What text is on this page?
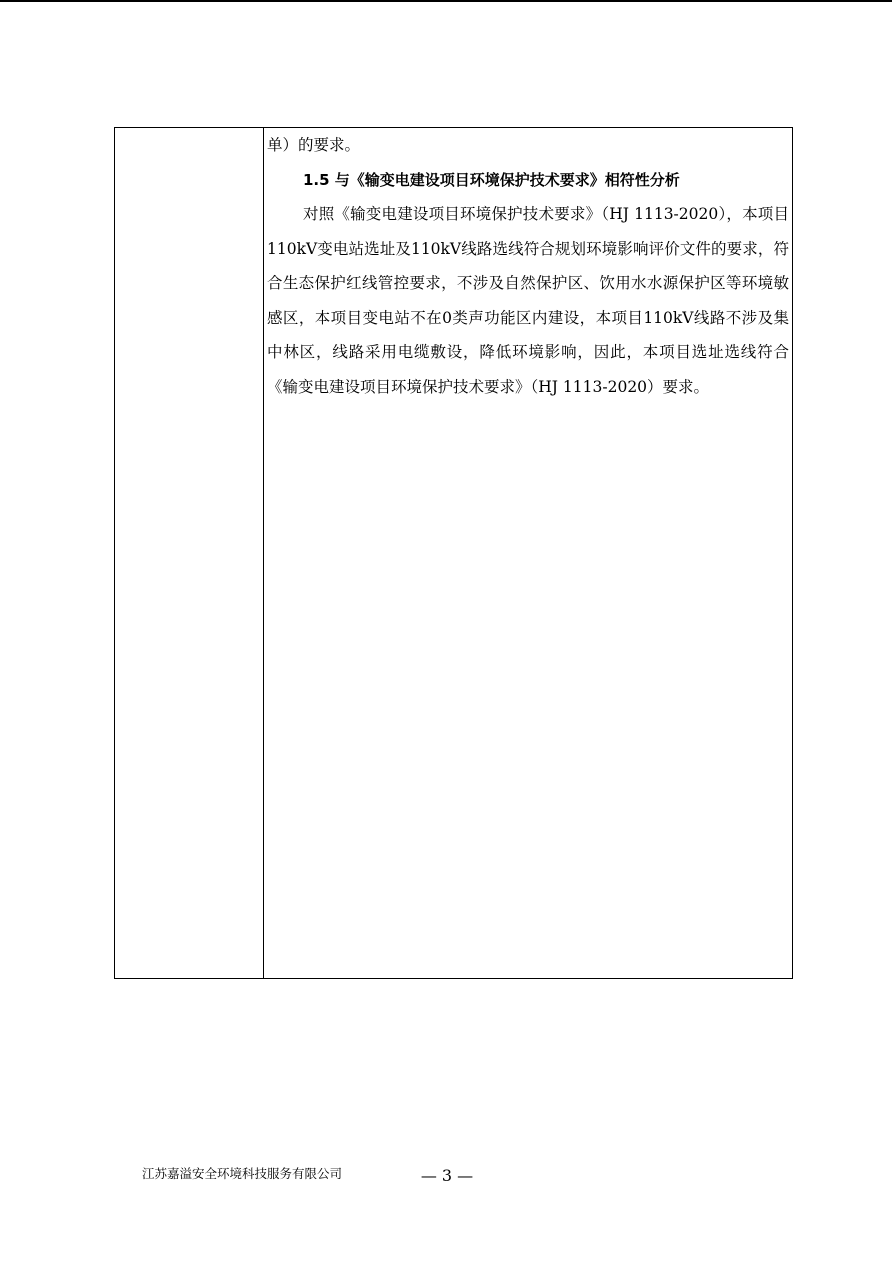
单）的要求。

1.5 与《输变电建设项目环境保护技术要求》相符性分析

对照《输变电建设项目环境保护技术要求》（HJ 1113-2020），本项目110kV变电站选址及110kV线路选线符合规划环境影响评价文件的要求，符合生态保护红线管控要求，不涉及自然保护区、饮用水水源保护区等环境敏感区，本项目变电站不在0类声功能区内建设，本项目110kV线路不涉及集中林区，线路采用电缆敷设，降低环境影响，因此，本项目选址选线符合《输变电建设项目环境保护技术要求》（HJ 1113-2020）要求。

江苏嘉溢安全环境科技服务有限公司	— 3 —
